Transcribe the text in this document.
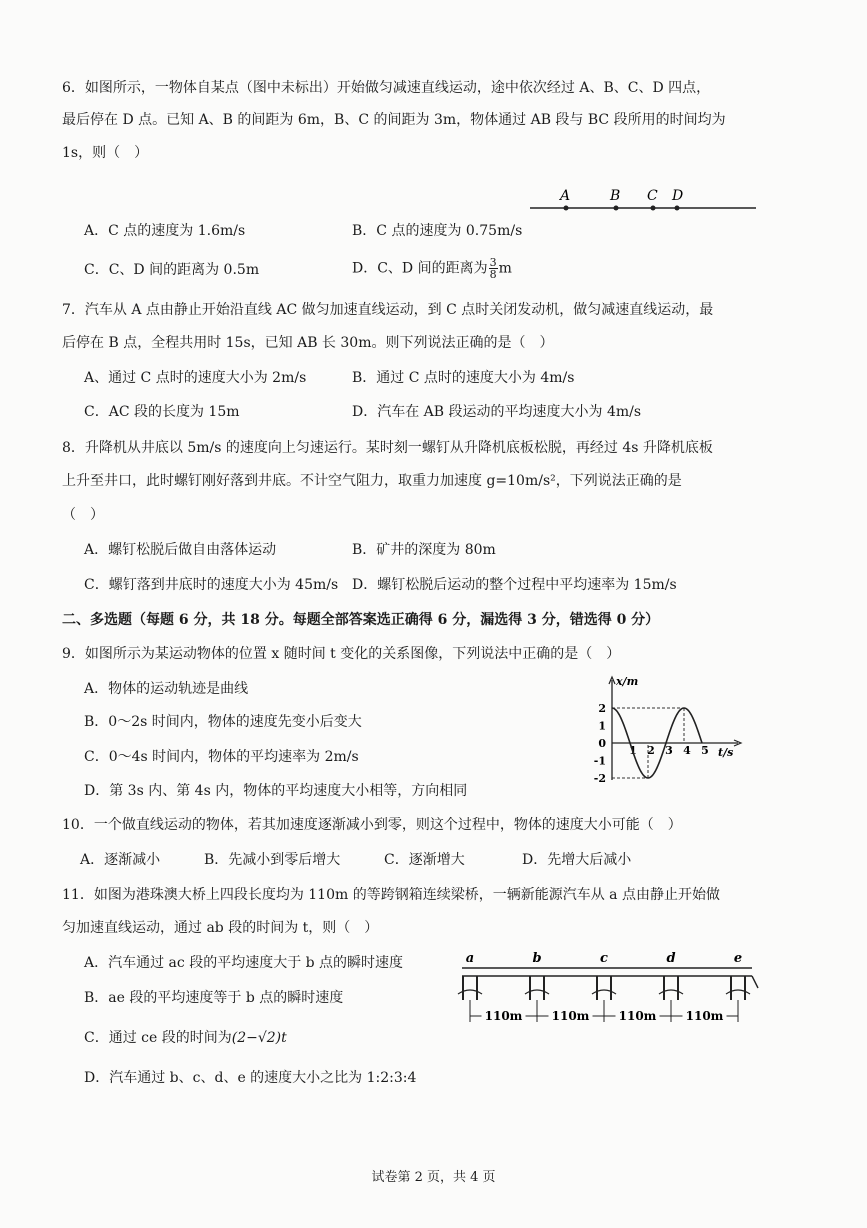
6．如图所示，一物体自某点（图中未标出）开始做匀减速直线运动，途中依次经过 A、B、C、D 四点，
最后停在 D 点。已知 A、B 的间距为 6m，B、C 的间距为 3m，物体通过 AB 段与 BC 段所用的时间均为
1s，则（　）
A	B C D
A．C 点的速度为 1.6m/s	B．C 点的速度为 0.75m/s
C．C、D 间的距离为 0.5m	D．C、D 间的距离为 $\frac{3}{8}$ m
7．汽车从 A 点由静止开始沿直线 AC 做匀加速直线运动，到 C 点时关闭发动机，做匀减速直线运动，最
后停在 B 点，全程共用时 15s，已知 AB 长 30m。则下列说法正确的是（　）
A、通过 C 点时的速度大小为 2m/s	B．通过 C 点时的速度大小为 4m/s
C．AC 段的长度为 15m	D．汽车在 AB 段运动的平均速度大小为 4m/s
8．升降机从井底以 5m/s 的速度向上匀速运行。某时刻一螺钉从升降机底板松脱，再经过 4s 升降机底板
上升至井口，此时螺钉刚好落到井底。不计空气阻力，取重力加速度 g=10m/s²，下列说法正确的是
（　）
A．螺钉松脱后做自由落体运动	B．矿井的深度为 80m
C．螺钉落到井底时的速度大小为 45m/s D．螺钉松脱后运动的整个过程中平均速率为 15m/s
二、多选题（每题 6 分，共 18 分。每题全部答案选正确得 6 分，漏选得 3 分，错选得 0 分）
9．如图所示为某运动物体的位置 x 随时间 t 变化的关系图像，下列说法中正确的是（　）
A．物体的运动轨迹是曲线
B．0～2s 时间内，物体的速度先变小后变大
C．0～4s 时间内，物体的平均速率为 2m/s
D．第 3s 内、第 4s 内，物体的平均速度大小相等，方向相同
x/m
t/s
2
1
0
-1
-2
1 2 3 4 5
10．一个做直线运动的物体，若其加速度逐渐减小到零，则这个过程中，物体的速度大小可能（　）
A．逐渐减小	B．先减小到零后增大	C．逐渐增大	D．先增大后减小
11．如图为港珠澳大桥上四段长度均为 110m 的等跨钢箱连续梁桥，一辆新能源汽车从 a 点由静止开始做
匀加速直线运动，通过 ab 段的时间为 t，则（　）
A．汽车通过 ac 段的平均速度大于 b 点的瞬时速度
B．ae 段的平均速度等于 b 点的瞬时速度
C．通过 ce 段的时间为(2−√2)t
D．汽车通过 b、c、d、e 的速度大小之比为 1:2:3:4
a	b	c	d	e
110m 110m 110m 110m
试卷第 2 页，共 4 页
